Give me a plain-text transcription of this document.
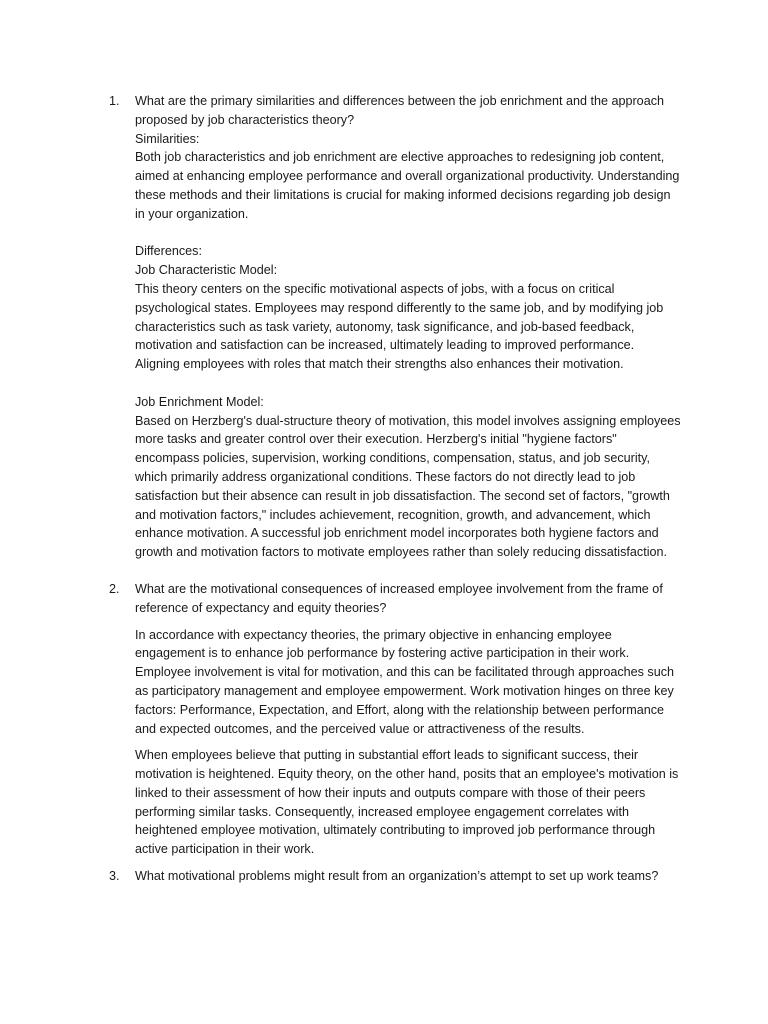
1. What are the primary similarities and differences between the job enrichment and the approach proposed by job characteristics theory?

Similarities:

Both job characteristics and job enrichment are elective approaches to redesigning job content, aimed at enhancing employee performance and overall organizational productivity. Understanding these methods and their limitations is crucial for making informed decisions regarding job design in your organization.

Differences:

Job Characteristic Model:

This theory centers on the specific motivational aspects of jobs, with a focus on critical psychological states. Employees may respond differently to the same job, and by modifying job characteristics such as task variety, autonomy, task significance, and job-based feedback, motivation and satisfaction can be increased, ultimately leading to improved performance. Aligning employees with roles that match their strengths also enhances their motivation.

Job Enrichment Model:

Based on Herzberg's dual-structure theory of motivation, this model involves assigning employees more tasks and greater control over their execution. Herzberg's initial "hygiene factors" encompass policies, supervision, working conditions, compensation, status, and job security, which primarily address organizational conditions. These factors do not directly lead to job satisfaction but their absence can result in job dissatisfaction. The second set of factors, "growth and motivation factors," includes achievement, recognition, growth, and advancement, which enhance motivation. A successful job enrichment model incorporates both hygiene factors and growth and motivation factors to motivate employees rather than solely reducing dissatisfaction.

2. What are the motivational consequences of increased employee involvement from the frame of reference of expectancy and equity theories?

In accordance with expectancy theories, the primary objective in enhancing employee engagement is to enhance job performance by fostering active participation in their work. Employee involvement is vital for motivation, and this can be facilitated through approaches such as participatory management and employee empowerment. Work motivation hinges on three key factors: Performance, Expectation, and Effort, along with the relationship between performance and expected outcomes, and the perceived value or attractiveness of the results.

When employees believe that putting in substantial effort leads to significant success, their motivation is heightened. Equity theory, on the other hand, posits that an employee's motivation is linked to their assessment of how their inputs and outputs compare with those of their peers performing similar tasks. Consequently, increased employee engagement correlates with heightened employee motivation, ultimately contributing to improved job performance through active participation in their work.

3. What motivational problems might result from an organization’s attempt to set up work teams?
